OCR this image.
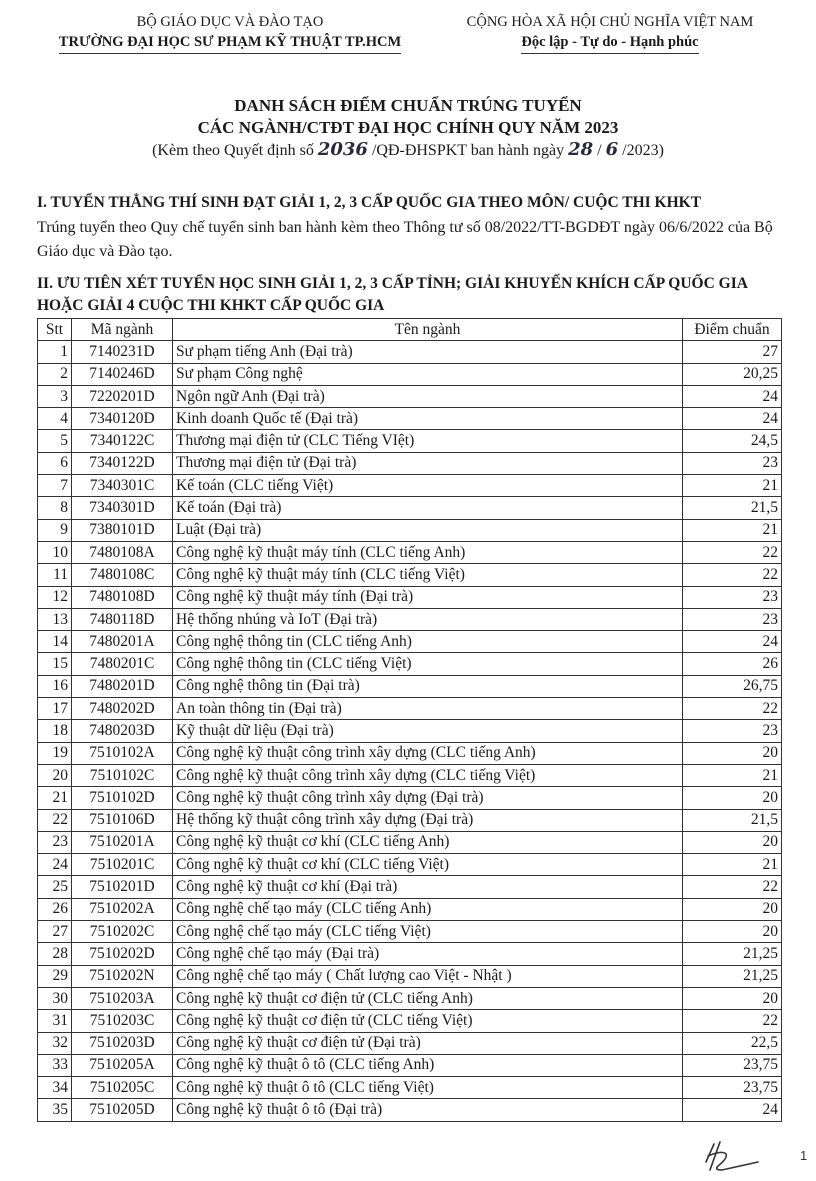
BỘ GIÁO DỤC VÀ ĐÀO TẠO
TRƯỜNG ĐẠI HỌC SƯ PHẠM KỸ THUẬT TP.HCM
CỘNG HÒA XÃ HỘI CHỦ NGHĨA VIỆT NAM
Độc lập - Tự do - Hạnh phúc
DANH SÁCH ĐIỂM CHUẨN TRÚNG TUYỂN
CÁC NGÀNH/CTĐT ĐẠI HỌC CHÍNH QUY NĂM 2023
(Kèm theo Quyết định số 2036 /QĐ-ĐHSPKT ban hành ngày 28 / 6 /2023)
I. TUYỂN THẲNG THÍ SINH ĐẠT GIẢI 1, 2, 3 CẤP QUỐC GIA THEO MÔN/ CUỘC THI KHKT
Trúng tuyển theo Quy chế tuyển sinh ban hành kèm theo Thông tư số 08/2022/TT-BGDĐT ngày 06/6/2022 của Bộ Giáo dục và Đào tạo.
II. ƯU TIÊN XÉT TUYỂN HỌC SINH GIẢI 1, 2, 3 CẤP TỈNH; GIẢI KHUYẾN KHÍCH CẤP QUỐC GIA HOẶC GIẢI 4 CUỘC THI KHKT CẤP QUỐC GIA
Stt	Mã ngành	Tên ngành	Điểm chuẩn
1	7140231D	Sư phạm tiếng Anh (Đại trà)	27
2	7140246D	Sư phạm Công nghệ	20,25
3	7220201D	Ngôn ngữ Anh (Đại trà)	24
4	7340120D	Kinh doanh Quốc tế (Đại trà)	24
5	7340122C	Thương mại điện tử (CLC Tiếng VIệt)	24,5
6	7340122D	Thương mại điện tử (Đại trà)	23
7	7340301C	Kế toán (CLC tiếng Việt)	21
8	7340301D	Kế toán (Đại trà)	21,5
9	7380101D	Luật (Đại trà)	21
10	7480108A	Công nghệ kỹ thuật máy tính (CLC tiếng Anh)	22
11	7480108C	Công nghệ kỹ thuật máy tính (CLC tiếng Việt)	22
12	7480108D	Công nghệ kỹ thuật máy tính (Đại trà)	23
13	7480118D	Hệ thống nhúng và IoT (Đại trà)	23
14	7480201A	Công nghệ thông tin (CLC tiếng Anh)	24
15	7480201C	Công nghệ thông tin (CLC tiếng Việt)	26
16	7480201D	Công nghệ thông tin (Đại trà)	26,75
17	7480202D	An toàn thông tin (Đại trà)	22
18	7480203D	Kỹ thuật dữ liệu (Đại trà)	23
19	7510102A	Công nghệ kỹ thuật công trình xây dựng (CLC tiếng Anh)	20
20	7510102C	Công nghệ kỹ thuật công trình xây dựng (CLC tiếng Việt)	21
21	7510102D	Công nghệ kỹ thuật công trình xây dựng (Đại trà)	20
22	7510106D	Hệ thống kỹ thuật công trình xây dựng (Đại trà)	21,5
23	7510201A	Công nghệ kỹ thuật cơ khí (CLC tiếng Anh)	20
24	7510201C	Công nghệ kỹ thuật cơ khí (CLC tiếng Việt)	21
25	7510201D	Công nghệ kỹ thuật cơ khí (Đại trà)	22
26	7510202A	Công nghệ chế tạo máy (CLC tiếng Anh)	20
27	7510202C	Công nghệ chế tạo máy (CLC tiếng Việt)	20
28	7510202D	Công nghệ chế tạo máy (Đại trà)	21,25
29	7510202N	Công nghệ chế tạo máy ( Chất lượng cao Việt - Nhật )	21,25
30	7510203A	Công nghệ kỹ thuật cơ điện tử (CLC tiếng Anh)	20
31	7510203C	Công nghệ kỹ thuật cơ điện tử (CLC tiếng Việt)	22
32	7510203D	Công nghệ kỹ thuật cơ điện tử (Đại trà)	22,5
33	7510205A	Công nghệ kỹ thuật ô tô (CLC tiếng Anh)	23,75
34	7510205C	Công nghệ kỹ thuật ô tô (CLC tiếng Việt)	23,75
35	7510205D	Công nghệ kỹ thuật ô tô (Đại trà)	24
1
